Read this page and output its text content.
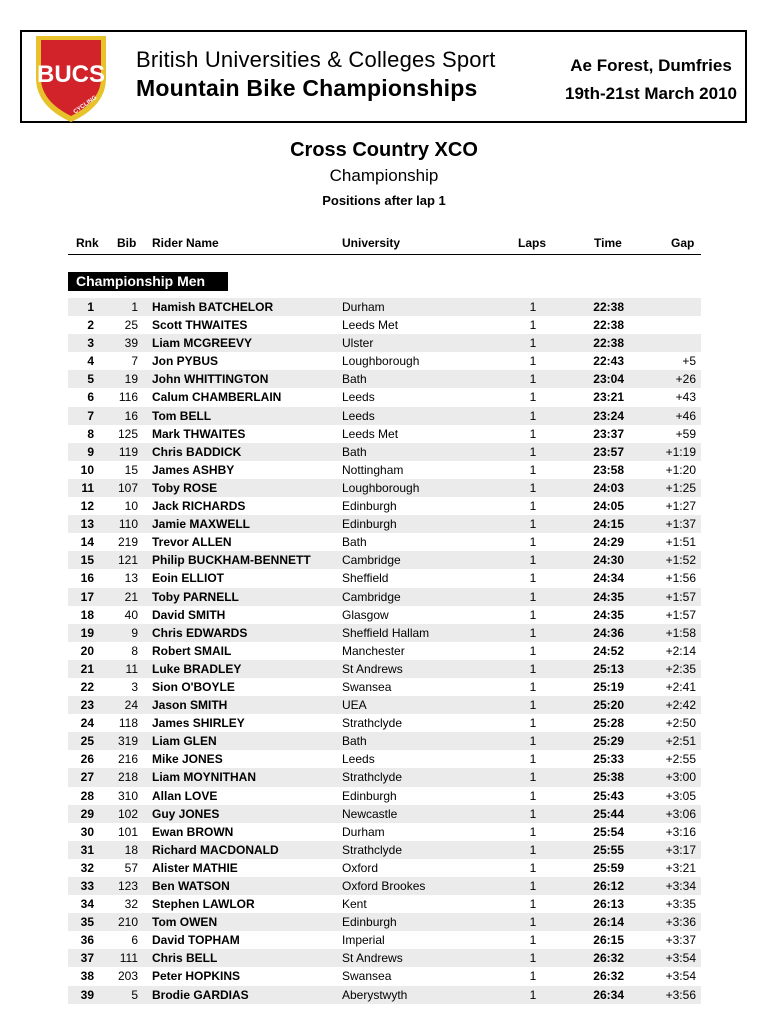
BUCS
CYCLING
British Universities & Colleges Sport
Mountain Bike Championships
Ae Forest, Dumfries
19th-21st March 2010
Cross Country XCO
Championship
Positions after lap 1
Rnk Bib Rider Name	University	Laps	Time	Gap
Championship Men
1	1 Hamish BATCHELOR	Durham	1	22:38
2	25 Scott THWAITES	Leeds Met	1	22:38
3	39 Liam MCGREEVY	Ulster	1	22:38
4	7 Jon PYBUS	Loughborough	1	22:43	+5
5	19 John WHITTINGTON	Bath	1	23:04	+26
6	116 Calum CHAMBERLAIN	Leeds	1	23:21	+43
7	16 Tom BELL	Leeds	1	23:24	+46
8	125 Mark THWAITES	Leeds Met	1	23:37	+59
9	119 Chris BADDICK	Bath	1	23:57	+1:19
10	15 James ASHBY	Nottingham	1	23:58	+1:20
11	107 Toby ROSE	Loughborough	1	24:03	+1:25
12	10 Jack RICHARDS	Edinburgh	1	24:05	+1:27
13	110 Jamie MAXWELL	Edinburgh	1	24:15	+1:37
14	219 Trevor ALLEN	Bath	1	24:29	+1:51
15	121 Philip BUCKHAM-BENNETT	Cambridge	1	24:30	+1:52
16	13 Eoin ELLIOT	Sheffield	1	24:34	+1:56
17	21 Toby PARNELL	Cambridge	1	24:35	+1:57
18	40 David SMITH	Glasgow	1	24:35	+1:57
19	9 Chris EDWARDS	Sheffield Hallam	1	24:36	+1:58
20	8 Robert SMAIL	Manchester	1	24:52	+2:14
21	11 Luke BRADLEY	St Andrews	1	25:13	+2:35
22	3 Sion O'BOYLE	Swansea	1	25:19	+2:41
23	24 Jason SMITH	UEA	1	25:20	+2:42
24	118 James SHIRLEY	Strathclyde	1	25:28	+2:50
25	319 Liam GLEN	Bath	1	25:29	+2:51
26	216 Mike JONES	Leeds	1	25:33	+2:55
27	218 Liam MOYNITHAN	Strathclyde	1	25:38	+3:00
28	310 Allan LOVE	Edinburgh	1	25:43	+3:05
29	102 Guy JONES	Newcastle	1	25:44	+3:06
30	101 Ewan BROWN	Durham	1	25:54	+3:16
31	18 Richard MACDONALD	Strathclyde	1	25:55	+3:17
32	57 Alister MATHIE	Oxford	1	25:59	+3:21
33	123 Ben WATSON	Oxford Brookes	1	26:12	+3:34
34	32 Stephen LAWLOR	Kent	1	26:13	+3:35
35	210 Tom OWEN	Edinburgh	1	26:14	+3:36
36	6 David TOPHAM	Imperial	1	26:15	+3:37
37	111 Chris BELL	St Andrews	1	26:32	+3:54
38	203 Peter HOPKINS	Swansea	1	26:32	+3:54
39	5 Brodie GARDIAS	Aberystwyth	1	26:34	+3:56
